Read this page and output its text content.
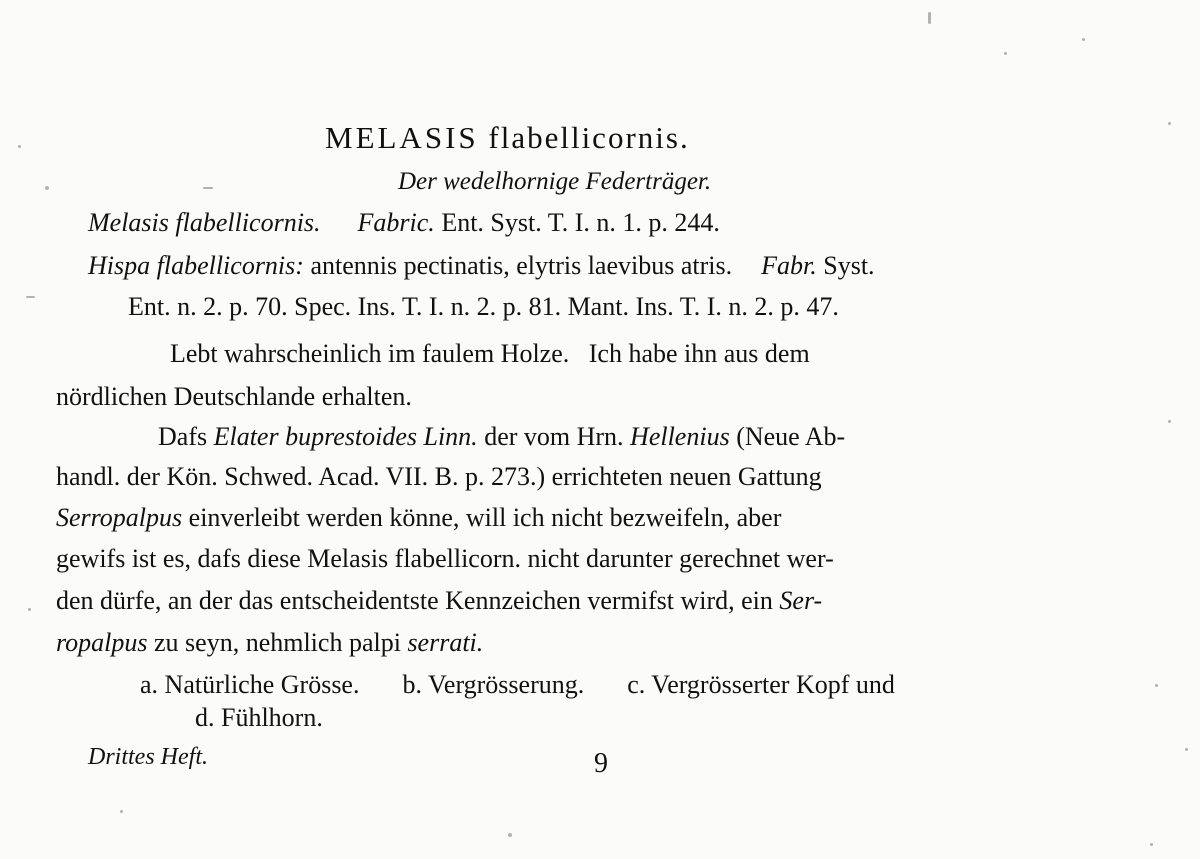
MELASIS flabellicornis.
Der wedelhornige Federträger.
Melasis flabellicornis. Fabric. Ent. Syst. T. I. n. 1. p. 244.
Hispa flabellicornis: antennis pectinatis, elytris laevibus atris. Fabr. Syst.
Ent. n. 2. p. 70. Spec. Ins. T. I. n. 2. p. 81. Mant. Ins. T. I. n. 2. p. 47.
Lebt wahrscheinlich im faulem Holze.   Ich habe ihn aus dem
nördlichen Deutschlande erhalten.
Dafs Elater buprestoides Linn. der vom Hrn. Hellenius (Neue Ab-
handl. der Kön. Schwed. Acad. VII. B. p. 273.) errichteten neuen Gattung
Serropalpus einverleibt werden könne, will ich nicht bezweifeln, aber
gewifs ist es, dafs diese Melasis flabellicorn. nicht darunter gerechnet wer-
den dürfe, an der das entscheidentste Kennzeichen vermifst wird, ein Ser-
ropalpus zu seyn, nehmlich palpi serrati.
a. Natürliche Grösse. b. Vergrösserung. c. Vergrösserter Kopf und
d. Fühlhorn.
Drittes Heft.	9
